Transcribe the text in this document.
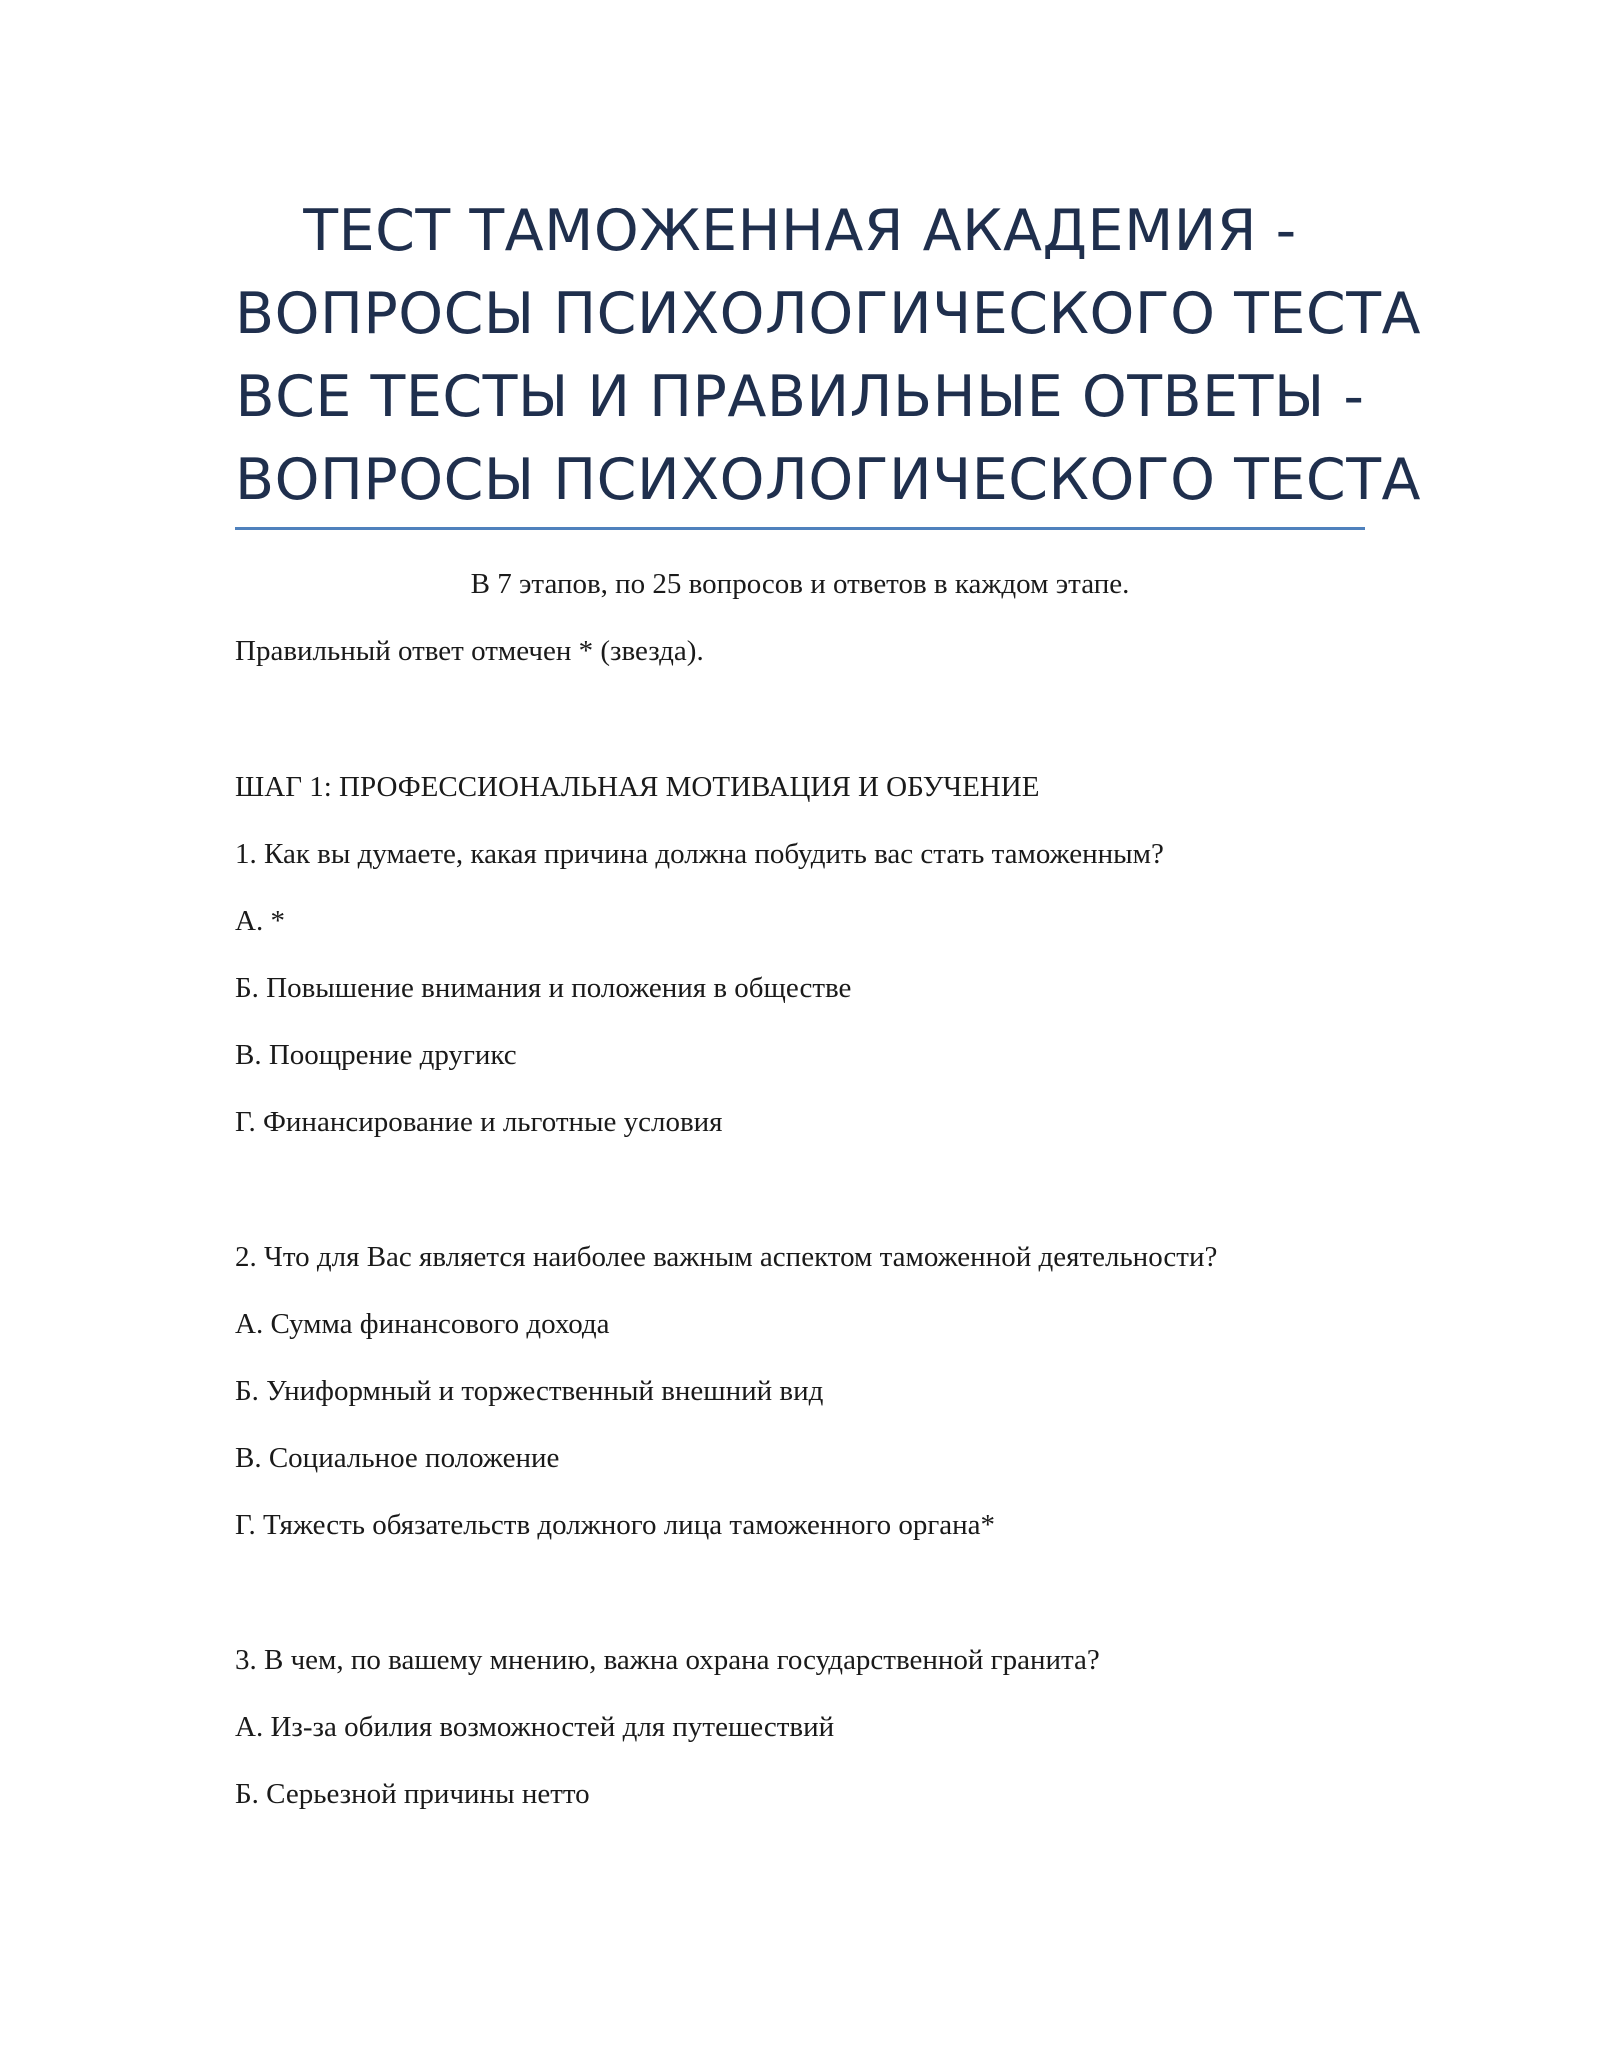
ТЕСТ ТАМОЖЕННАЯ АКАДЕМИЯ -
ВОПРОСЫ ПСИХОЛОГИЧЕСКОГО ТЕСТА
ВСЕ ТЕСТЫ И ПРАВИЛЬНЫЕ ОТВЕТЫ -
ВОПРОСЫ ПСИХОЛОГИЧЕСКОГО ТЕСТА
В 7 этапов, по 25 вопросов и ответов в каждом этапе.
Правильный ответ отмечен * (звезда).
ШАГ 1: ПРОФЕССИОНАЛЬНАЯ МОТИВАЦИЯ И ОБУЧЕНИЕ
1. Как вы думаете, какая причина должна побудить вас стать таможенным?
А. *
Б. Повышение внимания и положения в обществе
В. Поощрение другикс
Г. Финансирование и льготные условия
2. Что для Вас является наиболее важным аспектом таможенной деятельности?
А. Сумма финансового дохода
Б. Униформный и торжественный внешний вид
В. Социальное положение
Г. Тяжесть обязательств должного лица таможенного органа*
3. В чем, по вашему мнению, важна охрана государственной гранита?
А. Из-за обилия возможностей для путешествий
Б. Серьезной причины нетто
